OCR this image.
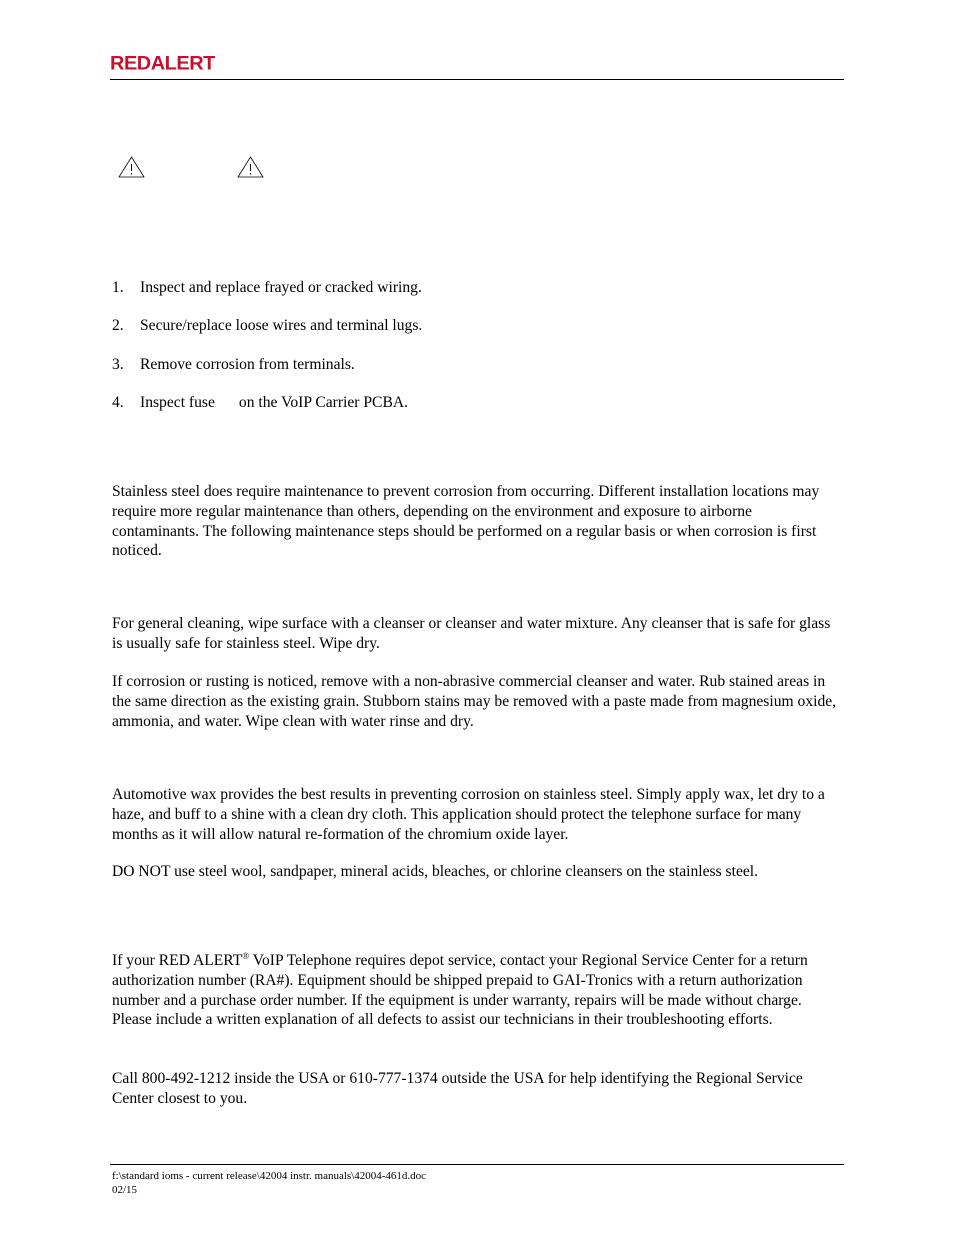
REDALERT
1. Inspect and replace frayed or cracked wiring.
2. Secure/replace loose wires and terminal lugs.
3. Remove corrosion from terminals.
4. Inspect fuse on the VoIP Carrier PCBA.

Stainless steel does require maintenance to prevent corrosion from occurring. Different installation locations may require more regular maintenance than others, depending on the environment and exposure to airborne contaminants. The following maintenance steps should be performed on a regular basis or when corrosion is first noticed.

For general cleaning, wipe surface with a cleanser or cleanser and water mixture. Any cleanser that is safe for glass is usually safe for stainless steel. Wipe dry.

If corrosion or rusting is noticed, remove with a non-abrasive commercial cleanser and water. Rub stained areas in the same direction as the existing grain. Stubborn stains may be removed with a paste made from magnesium oxide, ammonia, and water. Wipe clean with water rinse and dry.

Automotive wax provides the best results in preventing corrosion on stainless steel. Simply apply wax, let dry to a haze, and buff to a shine with a clean dry cloth. This application should protect the telephone surface for many months as it will allow natural re-formation of the chromium oxide layer.

DO NOT use steel wool, sandpaper, mineral acids, bleaches, or chlorine cleansers on the stainless steel.

If your RED ALERT® VoIP Telephone requires depot service, contact your Regional Service Center for a return authorization number (RA#). Equipment should be shipped prepaid to GAI-Tronics with a return authorization number and a purchase order number. If the equipment is under warranty, repairs will be made without charge. Please include a written explanation of all defects to assist our technicians in their troubleshooting efforts.

Call 800-492-1212 inside the USA or 610-777-1374 outside the USA for help identifying the Regional Service Center closest to you.

f:\standard ioms - current release\42004 instr. manuals\42004-461d.doc
02/15
